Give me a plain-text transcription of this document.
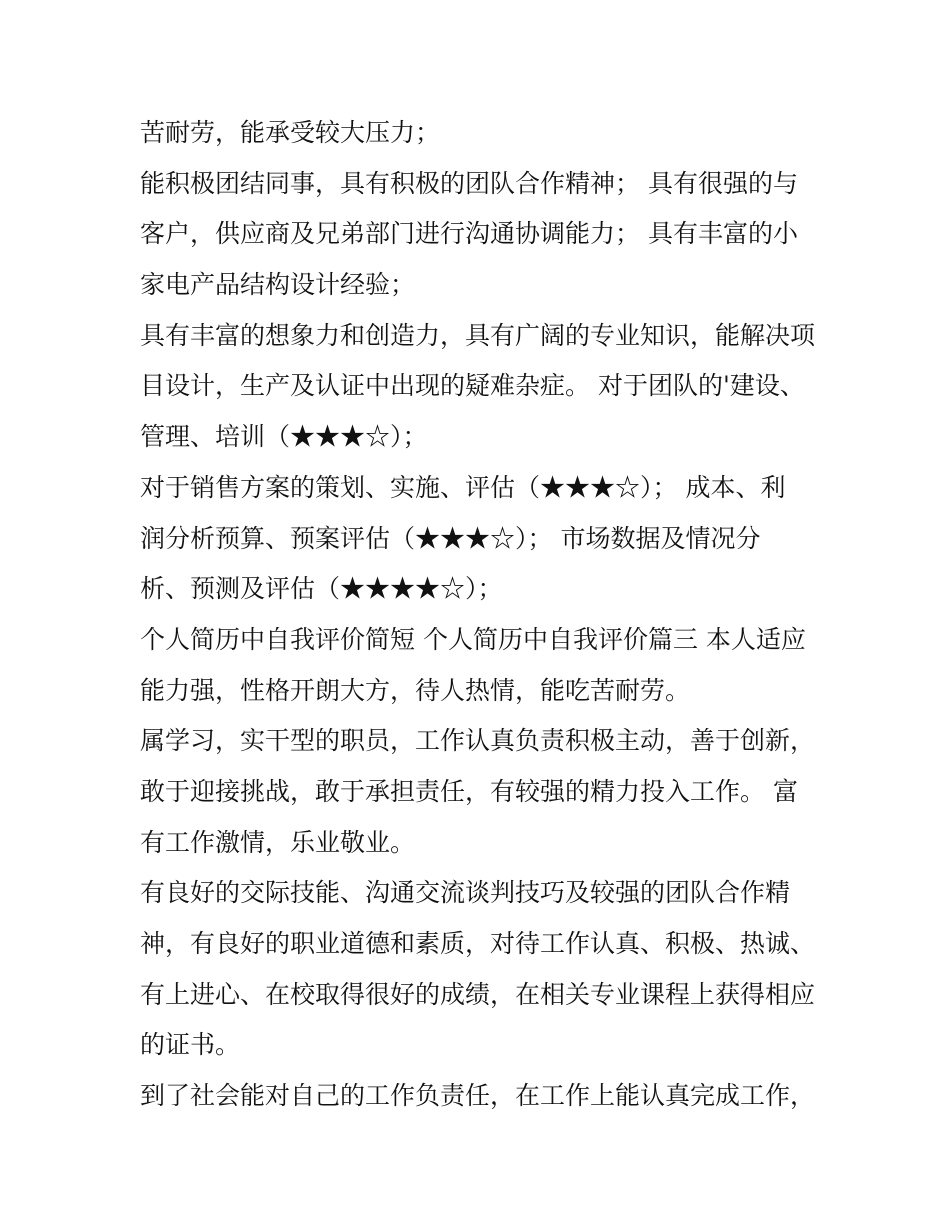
苦耐劳，能承受较大压力；
能积极团结同事，具有积极的团队合作精神； 具有很强的与
客户，供应商及兄弟部门进行沟通协调能力； 具有丰富的小
家电产品结构设计经验；
具有丰富的想象力和创造力，具有广阔的专业知识，能解决项
目设计，生产及认证中出现的疑难杂症。 对于团队的'建设、
管理、培训（★★★☆）；
对于销售方案的策划、实施、评估（★★★☆）； 成本、利
润分析预算、预案评估（★★★☆）； 市场数据及情况分
析、预测及评估（★★★★☆）；
个人简历中自我评价简短 个人简历中自我评价篇三 本人适应
能力强，性格开朗大方，待人热情，能吃苦耐劳。
属学习，实干型的职员，工作认真负责积极主动，善于创新，
敢于迎接挑战，敢于承担责任，有较强的精力投入工作。 富
有工作激情，乐业敬业。
有良好的交际技能、沟通交流谈判技巧及较强的团队合作精
神，有良好的职业道德和素质，对待工作认真、积极、热诚、
有上进心、在校取得很好的成绩，在相关专业课程上获得相应
的证书。
到了社会能对自己的工作负责任，在工作上能认真完成工作，
